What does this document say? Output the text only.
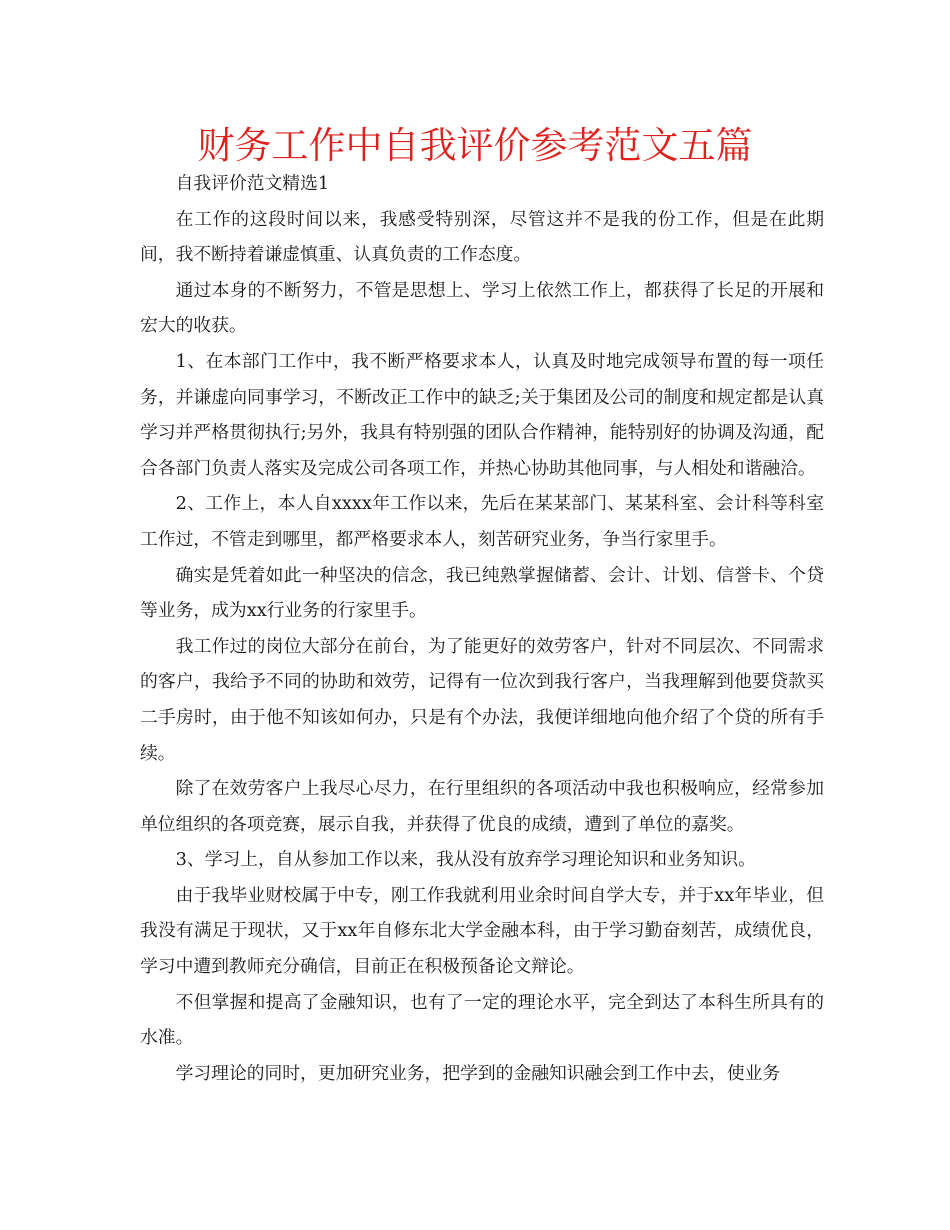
财务工作中自我评价参考范文五篇

自我评价范文精选1

在工作的这段时间以来，我感受特别深，尽管这并不是我的份工作，但是在此期间，我不断持着谦虚慎重、认真负责的工作态度。

通过本身的不断努力，不管是思想上、学习上依然工作上，都获得了长足的开展和宏大的收获。

1、在本部门工作中，我不断严格要求本人，认真及时地完成领导布置的每一项任务，并谦虚向同事学习，不断改正工作中的缺乏;关于集团及公司的制度和规定都是认真学习并严格贯彻执行;另外，我具有特别强的团队合作精神，能特别好的协调及沟通，配合各部门负责人落实及完成公司各项工作，并热心协助其他同事，与人相处和谐融洽。

2、工作上，本人自xxxx年工作以来，先后在某某部门、某某科室、会计科等科室工作过，不管走到哪里，都严格要求本人，刻苦研究业务，争当行家里手。

确实是凭着如此一种坚决的信念，我已纯熟掌握储蓄、会计、计划、信誉卡、个贷等业务，成为xx行业务的行家里手。

我工作过的岗位大部分在前台，为了能更好的效劳客户，针对不同层次、不同需求的客户，我给予不同的协助和效劳，记得有一位次到我行客户，当我理解到他要贷款买二手房时，由于他不知该如何办，只是有个办法，我便详细地向他介绍了个贷的所有手续。

除了在效劳客户上我尽心尽力，在行里组织的各项活动中我也积极响应，经常参加单位组织的各项竞赛，展示自我，并获得了优良的成绩，遭到了单位的嘉奖。

3、学习上，自从参加工作以来，我从没有放弃学习理论知识和业务知识。

由于我毕业财校属于中专，刚工作我就利用业余时间自学大专，并于xx年毕业，但我没有满足于现状，又于xx年自修东北大学金融本科，由于学习勤奋刻苦，成绩优良，学习中遭到教师充分确信，目前正在积极预备论文辩论。

不但掌握和提高了金融知识，也有了一定的理论水平，完全到达了本科生所具有的水准。

学习理论的同时，更加研究业务，把学到的金融知识融会到工作中去，使业务
